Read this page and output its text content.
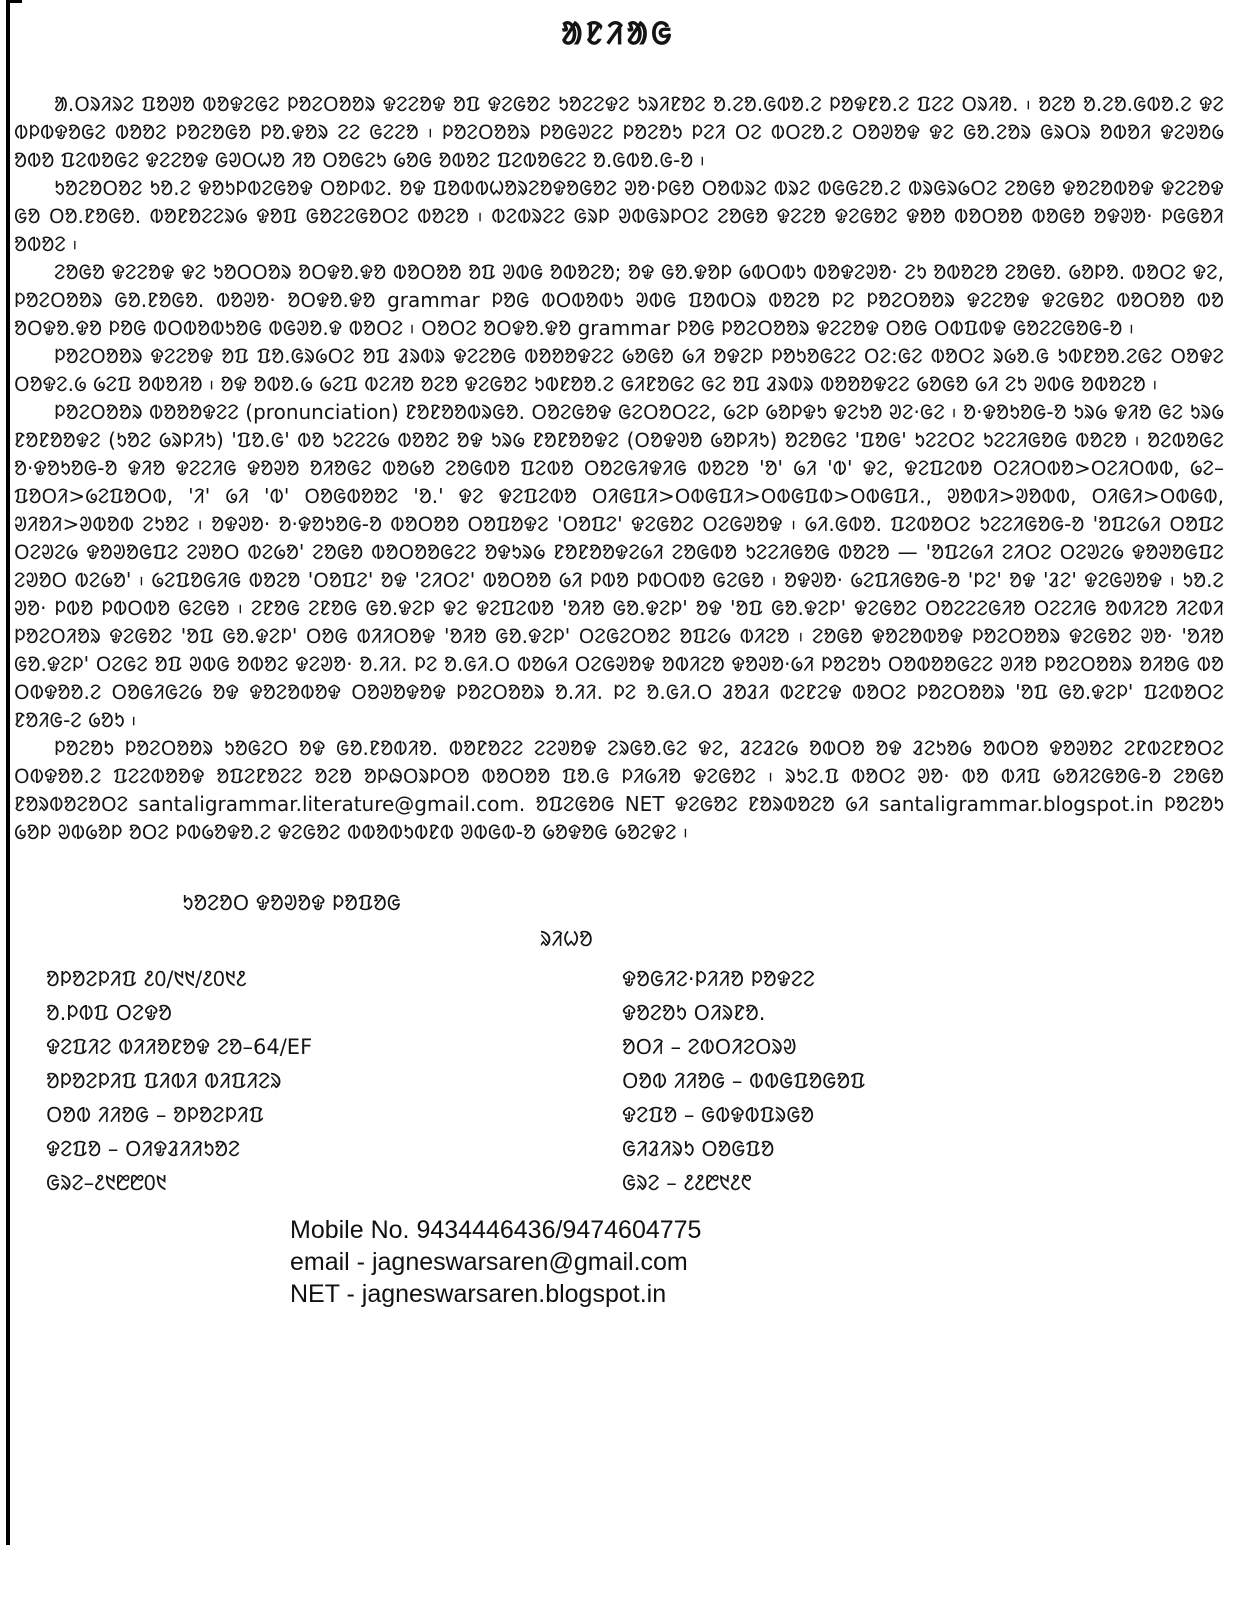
ᱟᱱᱤᱟᱜ

ᱟ.ᱛᱨᱤᱨᱮ ᱯᱚᱣᱚ ᱵᱚᱫᱮᱜᱮ ᱞᱚᱮᱛᱚᱚᱨ ᱫᱮᱮᱚᱫ ᱚᱯ ᱫᱮᱜᱚᱮ ᱩᱚᱮᱮᱫᱮ ᱩᱨᱤᱱᱚᱮ ᱚ.ᱮᱚ.ᱜᱵᱚ.ᱮ ᱞᱚᱫᱱᱚ.ᱮ ᱯᱮᱮ ᱛᱨᱤᱚ. ᱾ ᱚᱮᱚ ᱚ.ᱮᱚ.ᱜᱵᱚ.ᱮ ᱫᱮ ᱵᱞᱵᱫᱚᱜᱮ ᱵᱚᱚᱮ ᱞᱚᱮᱚᱜᱚ ᱞᱚ.ᱫᱚᱨ ᱮᱮ ᱜᱮᱮᱚ ᱾ ᱞᱚᱮᱛᱚᱚᱨ ᱞᱚᱜᱣᱮᱮ ᱞᱚᱮᱚᱩ ᱞᱮᱤ ᱛᱮ ᱵᱛᱮᱚ.ᱮ ᱛᱚᱣᱚᱫ ᱫᱮ ᱜᱚ.ᱮᱚᱨ ᱜᱨᱛᱨ ᱚᱵᱚᱤ ᱫᱮᱣᱚ᱙ ᱚᱵᱚ ᱯᱮᱵᱚᱜᱮ ᱫᱮᱮᱚᱫ ᱜᱣᱛᱦᱚ ᱤᱚ ᱛᱚᱜᱮᱩ ᱙ᱚᱜ ᱚᱵᱚᱮ ᱯᱮᱵᱚᱜᱮᱮ ᱚ.ᱜᱵᱚ.ᱜ-ᱚ ᱾

ᱩᱚᱮᱚᱛᱚᱮ ᱩᱚ.ᱮ ᱫᱚᱩᱞᱵᱮᱜᱚᱫ ᱛᱚᱞᱵᱮ. ᱚᱫ ᱯᱚᱵᱵᱦᱚᱨᱮᱚᱫᱚᱜᱚᱮ ᱣᱚ·ᱞᱜᱚ ᱛᱚᱵᱨᱮ ᱵᱨᱮ ᱵᱜᱜᱮᱚ.ᱮ ᱵᱨᱜᱨ᱙ᱛᱮ ᱮᱚᱜᱚ ᱫᱚᱮᱚᱵᱚᱫ ᱫᱮᱮᱚᱫ ᱜᱚ ᱛᱚ.ᱱᱚᱜᱚ. ᱵᱚᱱᱚᱮᱮᱨ᱙ ᱫᱚᱯ ᱜᱚᱮᱮᱜᱚᱛᱮ ᱵᱚᱮᱚ ᱾ ᱵᱮᱵᱨᱮᱮ ᱜᱨᱞ ᱣᱵᱜᱨᱞᱛᱮ ᱮᱚᱜᱚ ᱫᱮᱮᱚ ᱫᱮᱜᱚᱮ ᱫᱚᱚ ᱵᱚᱛᱚᱚ ᱵᱚᱜᱚ ᱚᱫᱣᱚ· ᱞᱜᱜᱚᱤ ᱚᱵᱚᱮ ᱾

ᱮᱚᱜᱚ ᱫᱮᱮᱚᱫ ᱫᱮ ᱩᱚᱛᱛᱚᱨ ᱚᱛᱫᱚ.ᱫᱚ ᱵᱚᱛᱚᱚ ᱚᱯ ᱣᱵᱜ ᱚᱵᱚᱮᱚ; ᱚᱫ ᱜᱚ.ᱫᱚᱞ ᱙ᱵᱛᱵᱩ ᱵᱚᱫᱮᱣᱚ· ᱮᱩ ᱚᱵᱚᱮᱚ ᱮᱚᱜᱚ. ᱙ᱚᱞᱚ. ᱵᱚᱛᱮ ᱫᱮ, ᱞᱚᱮᱛᱚᱚᱨ ᱜᱚ.ᱱᱚᱜᱚ. ᱵᱚᱣᱚ· ᱚᱛᱫᱚ.ᱫᱚ grammar ᱞᱚᱜ ᱵᱛᱵᱚᱵᱩ ᱣᱵᱜ ᱯᱚᱵᱛᱨ ᱵᱚᱮᱚ ᱞᱮ ᱞᱚᱮᱛᱚᱚᱨ ᱫᱮᱮᱚᱫ ᱫᱮᱜᱚᱮ ᱵᱚᱛᱚᱚ ᱵᱚ ᱚᱛᱫᱚ.ᱫᱚ ᱞᱚᱜ ᱵᱛᱵᱚᱵᱩᱚᱜ ᱵᱜᱣᱚ.ᱫ ᱵᱚᱛᱮ ᱾ ᱛᱚᱛᱮ ᱚᱛᱫᱚ.ᱫᱚ grammar ᱞᱚᱜ ᱞᱚᱮᱛᱚᱚᱨ ᱫᱮᱮᱚᱫ ᱛᱚᱜ ᱛᱵᱯᱵᱫ ᱜᱚᱮᱮᱜᱚᱜ-ᱚ ᱾

ᱞᱚᱮᱛᱚᱚᱨ ᱫᱮᱮᱚᱫ ᱚᱯ ᱯᱚ.ᱜᱨ᱙ᱛᱮ ᱚᱯ ᱲᱨᱵᱨ ᱫᱮᱮᱚᱜ ᱵᱚᱚᱚᱫᱮᱮ ᱙ᱚᱜᱚ ᱙ᱤ ᱚᱫᱮᱞ ᱞᱚᱩᱚᱜᱮᱮ ᱛᱮ:ᱜᱮ ᱵᱚᱛᱮ ᱨ᱙ᱚ.ᱜ ᱩᱵᱱᱚᱚ.ᱮᱜᱮ ᱛᱚᱫᱮ ᱛᱚᱫᱮ.᱙ ᱙ᱮᱯ ᱚᱵᱚᱤᱚ ᱾ ᱚᱫ ᱚᱵᱚ.᱙ ᱙ᱮᱯ ᱵᱮᱤᱚ ᱚᱮᱚ ᱫᱮᱜᱚᱮ ᱩᱵᱱᱚᱚ.ᱮ ᱜᱤᱱᱚᱜᱮ ᱜᱮ ᱚᱯ ᱲᱨᱵᱨ ᱵᱚᱚᱚᱫᱮᱮ ᱙ᱚᱜᱚ ᱙ᱤ ᱮᱩ ᱣᱵᱜ ᱚᱵᱚᱮᱚ ᱾

ᱞᱚᱮᱛᱚᱚᱨ ᱵᱚᱚᱚᱫᱮᱮ (pronunciation) ᱱᱚᱱᱚᱚᱵᱨᱜᱚ. ᱛᱚᱮᱜᱚᱫ ᱜᱮᱛᱚᱛᱮᱮ, ᱙ᱮᱞ ᱙ᱚᱞᱫᱩ ᱫᱮᱩᱚ ᱣᱮ·ᱜᱮ ᱾ ᱚ·ᱫᱚᱩᱚᱜ-ᱚ ᱩᱨ᱙ ᱫᱤᱚ ᱜᱮ ᱩᱨ᱙ ᱱᱚᱱᱚᱚᱫᱮ (ᱩᱚᱮ ᱙ᱨᱞᱤᱩ) 'ᱯᱚ.ᱜ' ᱵᱚ ᱩᱮᱮᱮ᱙ ᱵᱚᱚᱮ ᱚᱫ ᱩᱨ᱙ ᱱᱚᱱᱚᱚᱫᱮ (ᱛᱚᱫᱣᱚ ᱙ᱚᱞᱤᱩ) ᱚᱮᱚᱜᱮ 'ᱯᱚᱜ' ᱩᱮᱮᱛᱮ ᱩᱮᱮᱤᱜᱚᱜ ᱵᱚᱮᱚ ᱾ ᱚᱮᱵᱚᱜᱮ ᱚ·ᱫᱚᱩᱚᱜ-ᱚ ᱫᱤᱚ ᱫᱮᱮᱤᱜ ᱫᱚᱣᱚ ᱚᱤᱚᱜᱮ ᱵᱚ᱙ᱚ ᱮᱚᱜᱵᱚ ᱯᱮᱵᱚ ᱛᱚᱮᱜᱤᱫᱤᱜ ᱵᱚᱮᱚ 'ᱚ' ᱙ᱤ 'ᱵ' ᱫᱮ, ᱫᱮᱯᱮᱵᱚ ᱛᱮᱤᱛᱵᱚ>ᱛᱮᱤᱛᱵᱵ, ᱙ᱮ–ᱯᱚᱛᱤ>᱙ᱮᱯᱚᱛᱵ, 'ᱤ' ᱙ᱤ 'ᱵ' ᱛᱚᱜᱵᱚᱚᱮ 'ᱚ.' ᱫᱮ ᱫᱮᱯᱮᱵᱚ ᱛᱤᱜᱯᱤ>ᱛᱵᱜᱯᱤ>ᱛᱵᱜᱯᱵ>ᱛᱵᱜᱯᱤ., ᱣᱚᱵᱤ>ᱣᱚᱵᱵ, ᱛᱤᱜᱤ>ᱛᱵᱜᱵ, ᱣᱤᱚᱤ>ᱣᱵᱚᱵ ᱮᱩᱚᱮ ᱾ ᱚᱫᱣᱚ· ᱚ·ᱫᱚᱩᱚᱜ-ᱚ ᱵᱚᱛᱚᱚ ᱛᱚᱯᱚᱫᱮ 'ᱛᱚᱯᱮ' ᱫᱮᱜᱚᱮ ᱛᱮᱜᱣᱚᱫ ᱾ ᱙ᱤ.ᱜᱵᱚ. ᱯᱮᱵᱚᱛᱮ ᱩᱮᱮᱤᱜᱚᱜ-ᱚ 'ᱚᱯᱮ᱙ᱤ ᱛᱚᱯᱮ ᱛᱮᱣᱮ᱙ ᱫᱚᱣᱚᱜᱯᱮ ᱮᱣᱚᱛ ᱵᱮ᱙ᱚ' ᱮᱚᱜᱚ ᱵᱚᱛᱚᱚᱜᱮᱮ ᱚᱫᱩᱨ᱙ ᱱᱚᱱᱚᱚᱫᱮ᱙ᱤ ᱮᱚᱜᱵᱚ ᱩᱮᱮᱤᱜᱚᱜ ᱵᱚᱮᱚ — 'ᱚᱯᱮ᱙ᱤ ᱮᱤᱛᱮ ᱛᱮᱣᱮ᱙ ᱫᱚᱣᱚᱜᱯᱮ ᱮᱣᱚᱛ ᱵᱮ᱙ᱚ' ᱾ ᱙ᱮᱯᱚᱜᱤᱜ ᱵᱚᱮᱚ 'ᱛᱚᱯᱮ' ᱚᱫ 'ᱮᱤᱛᱮ' ᱵᱚᱛᱚᱚ ᱙ᱤ ᱞᱵᱚ ᱞᱵᱛᱵᱚ ᱜᱮᱜᱚ ᱾ ᱚᱫᱣᱚ· ᱙ᱮᱯᱤᱜᱚᱜ-ᱚ 'ᱞᱮ' ᱚᱫ 'ᱲᱮ' ᱫᱮᱜᱣᱚᱫ ᱾ ᱩᱚ.ᱮ ᱣᱚ· ᱞᱵᱚ ᱞᱵᱛᱵᱚ ᱜᱮᱜᱚ ᱾ ᱮᱱᱚᱜ ᱮᱱᱚᱜ ᱜᱚ.ᱫᱮᱞ ᱫᱮ ᱫᱮᱯᱮᱵᱚ 'ᱚᱤᱚ ᱜᱚ.ᱫᱮᱞ' ᱚᱫ 'ᱚᱯ ᱜᱚ.ᱫᱮᱞ' ᱫᱮᱜᱚᱮ ᱛᱚᱮᱮᱮᱜᱤᱚ ᱛᱮᱮᱤᱜ ᱚᱵᱤᱮᱚ ᱤᱮᱵᱤ ᱞᱚᱮᱛᱤᱚᱨ ᱫᱮᱜᱚᱮ 'ᱚᱯ ᱜᱚ.ᱫᱮᱞ' ᱛᱚᱜ ᱵᱤᱤᱛᱚᱫ 'ᱚᱤᱚ ᱜᱚ.ᱫᱮᱞ' ᱛᱮᱜᱮᱛᱚᱮ ᱚᱯᱮ᱙ ᱵᱤᱮᱚ ᱾ ᱮᱚᱜᱚ ᱫᱚᱮᱚᱵᱚᱫ ᱞᱚᱮᱛᱚᱚᱨ ᱫᱮᱜᱚᱮ ᱣᱚ· 'ᱚᱤᱚ ᱜᱚ.ᱫᱮᱞ' ᱛᱮᱜᱮ ᱚᱯ ᱣᱵᱜ ᱚᱵᱚᱮ ᱫᱮᱣᱚ· ᱚ.ᱤᱤ. ᱞᱮ ᱚ.ᱜᱤ.ᱛ ᱵᱚ᱙ᱤ ᱛᱮᱜᱣᱚᱫ ᱚᱵᱤᱮᱚ ᱫᱚᱣᱚ·᱙ᱤ ᱞᱚᱮᱚᱩ ᱛᱚᱵᱚᱚᱜᱮᱮ ᱣᱤᱚ ᱞᱚᱮᱛᱚᱚᱨ ᱚᱤᱚᱜ ᱵᱚ ᱛᱵᱫᱚᱚ.ᱮ ᱛᱚᱜᱤᱜᱮ᱙ ᱚᱫ ᱫᱚᱮᱚᱵᱚᱫ ᱛᱚᱣᱚᱫᱚᱫ ᱞᱚᱮᱛᱚᱚᱨ ᱚ.ᱤᱤ. ᱞᱮ ᱚ.ᱜᱤ.ᱛ ᱲᱚᱲᱤ ᱵᱮᱱᱮᱫ ᱵᱚᱛᱮ ᱞᱚᱮᱛᱚᱚᱨ 'ᱚᱯ ᱜᱚ.ᱫᱮᱞ' ᱯᱮᱵᱚᱛᱮ ᱱᱚᱤᱜ-ᱮ ᱙ᱚᱩ ᱾

ᱞᱚᱮᱚᱩ ᱞᱚᱮᱛᱚᱚᱨ ᱩᱚᱜᱮᱛ ᱚᱫ ᱜᱚ.ᱱᱚᱵᱤᱚ. ᱵᱚᱱᱚᱮᱮ ᱮᱮᱣᱚᱫ ᱮᱨᱜᱚ.ᱜᱮ ᱫᱮ, ᱲᱮᱲᱮ᱙ ᱚᱵᱛᱚ ᱚᱫ ᱲᱮᱩᱚ᱙ ᱚᱵᱛᱚ ᱫᱚᱣᱚᱮ ᱮᱱᱵᱮᱱᱚᱛᱮ ᱛᱵᱫᱚᱚ.ᱮ ᱯᱮᱮᱵᱚᱚᱫ ᱚᱯᱮᱱᱚᱮᱮ ᱚᱮᱚ ᱚᱞᱷᱛᱨᱞᱛᱚ ᱵᱚᱛᱚᱚ ᱯᱚ.ᱜ ᱞᱤ᱙ᱤᱚ ᱫᱮᱜᱚᱮ ᱾ ᱨᱩᱮ.ᱯ ᱵᱚᱛᱮ ᱣᱚ· ᱵᱚ ᱵᱤᱯ ᱙ᱚᱤᱮᱜᱚᱜ-ᱚ ᱮᱚᱜᱚ ᱱᱚᱨᱵᱚᱮᱚᱛᱮ santaligrammar.literature@gmail.com. ᱚᱯᱮᱜᱚᱜ NET ᱫᱮᱜᱚᱮ ᱱᱚᱨᱵᱚᱮᱚ ᱙ᱤ santaligrammar.blogspot.in ᱞᱚᱮᱚᱩ ᱙ᱚᱞ ᱣᱵ᱙ᱚᱞ ᱚᱛᱮ ᱞᱵ᱙ᱚᱫᱚ.ᱮ ᱫᱮᱜᱚᱮ ᱵᱵᱚᱵᱩᱵᱱᱵ ᱣᱵᱜᱵ-ᱚ ᱙ᱚᱫᱚᱜ ᱙ᱚᱮᱫᱮ ᱾

ᱩᱚᱮᱚᱛ ᱫᱚᱣᱚᱫ ᱞᱚᱯᱚᱜ
ᱨᱤᱦᱚ
ᱚᱞᱚᱮᱞᱤᱯ ᱒᱐/᱑᱑/᱒᱐᱑᱒	ᱫᱚᱜᱤᱮ·ᱞᱤᱤᱚ ᱞᱚᱫᱮᱮ
ᱚ.ᱞᱵᱯ ᱛᱮᱫᱚ	ᱫᱚᱮᱚᱩ ᱛᱤᱨᱱᱚ.
ᱫᱮᱯᱤᱮ ᱵᱤᱤᱚᱱᱚᱫ ᱮᱚ–64/EF	ᱚᱛᱤ – ᱮᱵᱛᱤᱮᱛᱨᱣ
ᱚᱞᱚᱮᱞᱤᱯ ᱯᱤᱵᱤ ᱵᱤᱯᱤᱮᱨ	ᱛᱚᱵ ᱤᱤᱚᱜ – ᱵᱵᱜᱯᱚᱜᱚᱯ
ᱛᱚᱵ ᱤᱤᱚᱜ – ᱚᱞᱚᱮᱞᱤᱯ	ᱫᱮᱯᱚ – ᱜᱵᱫᱵᱯᱨᱜᱚ
ᱫᱮᱯᱚ – ᱛᱤᱫᱲᱤᱤᱩᱚᱮ	ᱜᱤᱲᱤᱨᱩ ᱛᱚᱜᱯᱚ
ᱜᱨᱮ–᱒᱑᱘᱘᱐᱑	ᱜᱨᱮ – ᱒᱒᱘᱑᱒᱖
Mobile No. 9434446436/9474604775
email - jagneswarsaren@gmail.com
NET - jagneswarsaren.blogspot.in
